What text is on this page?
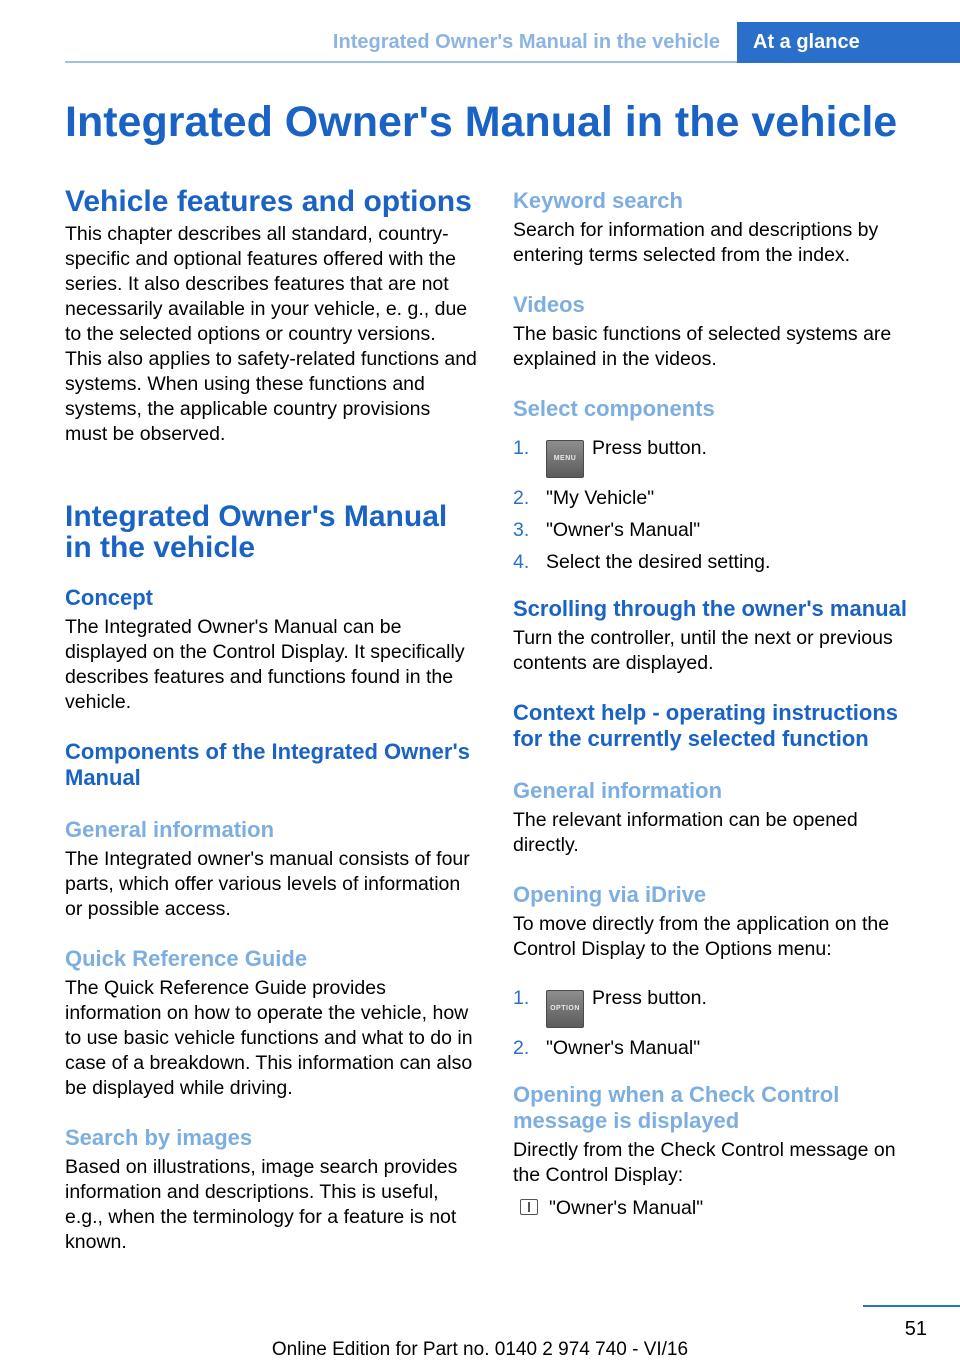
Integrated Owner's Manual in the vehicle	At a glance
Integrated Owner's Manual in the vehicle
Vehicle features and options

This chapter describes all standard, country-specific and optional features offered with the series. It also describes features that are not necessarily available in your vehicle, e. g., due to the selected options or country versions. This also applies to safety-related functions and systems. When using these functions and systems, the applicable country provisions must be observed.

Integrated Owner's Manual in the vehicle
Concept

The Integrated Owner's Manual can be displayed on the Control Display. It specifically describes features and functions found in the vehicle.

Components of the Integrated Owner's Manual
General information

The Integrated owner's manual consists of four parts, which offer various levels of information or possible access.

Quick Reference Guide

The Quick Reference Guide provides information on how to operate the vehicle, how to use basic vehicle functions and what to do in case of a breakdown. This information can also be displayed while driving.

Search by images

Based on illustrations, image search provides information and descriptions. This is useful, e.g., when the terminology for a feature is not known.

Keyword search

Search for information and descriptions by entering terms selected from the index.

Videos

The basic functions of selected systems are explained in the videos.

Select components
1.	MENU Press button.
2. "My Vehicle"
3. "Owner's Manual"
4. Select the desired setting.
Scrolling through the owner's manual

Turn the controller, until the next or previous contents are displayed.

Context help - operating instructions for the currently selected function
General information

The relevant information can be opened directly.

Opening via iDrive

To move directly from the application on the Control Display to the Options menu:

1.	OPTION Press button.
2. "Owner's Manual"
Opening when a Check Control message is displayed

Directly from the Check Control message on the Control Display:

"Owner's Manual"
51
Online Edition for Part no. 0140 2 974 740 - VI/16
